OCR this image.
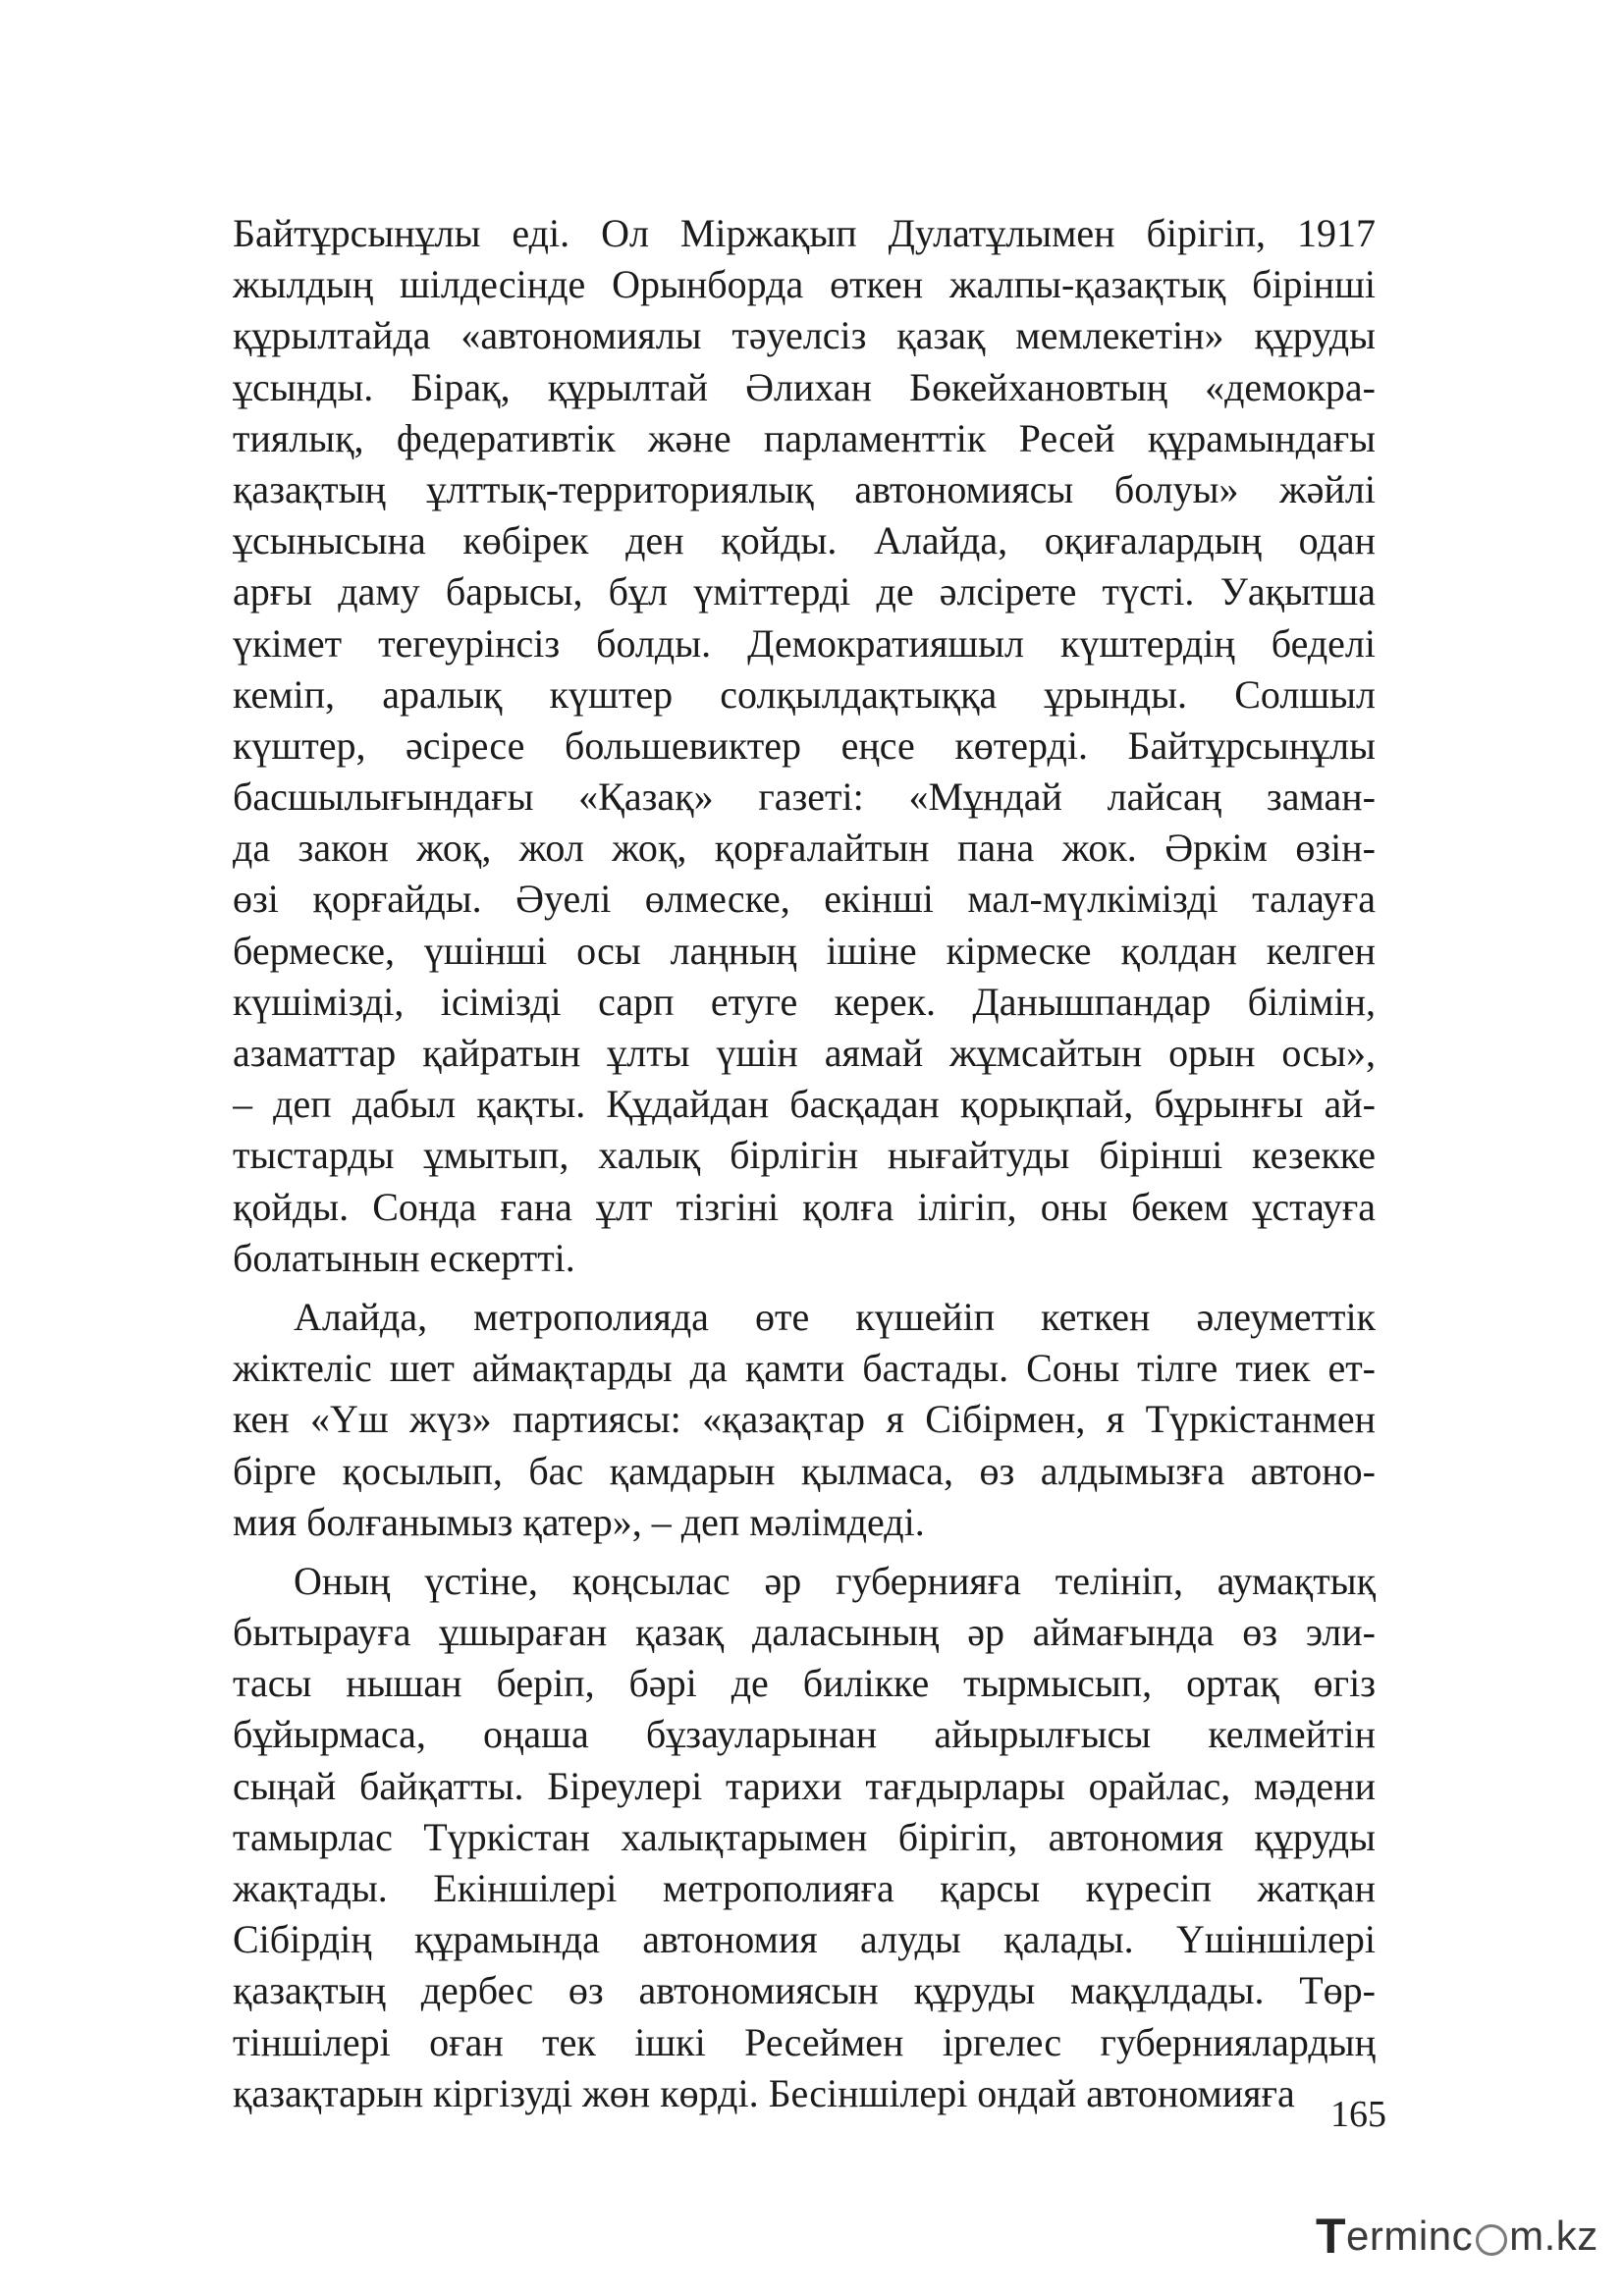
Байтұрсынұлы еді. Ол Міржақып Дулатұлымен бірігіп, 1917
жылдың шілдесінде Орынборда өткен жалпы-қазақтық бірінші
құрылтайда «автономиялы тәуелсіз қазақ мемлекетін» құруды
ұсынды. Бірақ, құрылтай Әлихан Бөкейхановтың «демокра-
тиялық, федеративтік және парламенттік Ресей құрамындағы
қазақтың ұлттық-территориялық автономиясы болуы» жәйлі
ұсынысына көбірек ден қойды. Алайда, оқиғалардың одан
арғы даму барысы, бұл үміттерді де әлсірете түсті. Уақытша
үкімет тегеурінсіз болды. Демократияшыл күштердің беделі
кеміп, аралық күштер солқылдақтыққа ұрынды. Солшыл
күштер, әсіресе большевиктер еңсе көтерді. Байтұрсынұлы
басшылығындағы «Қазақ» газеті: «Мұндай лайсаң заман-
да закон жоқ, жол жоқ, қорғалайтын пана жок. Әркім өзін-
өзі қорғайды. Әуелі өлмеске, екінші мал-мүлкімізді талауға
бермеске, үшінші осы лаңның ішіне кірмеске қолдан келген
күшімізді, ісімізді сарп етуге керек. Данышпандар білімін,
азаматтар қайратын ұлты үшін аямай жұмсайтын орын осы»,
– деп дабыл қақты. Құдайдан басқадан қорықпай, бұрынғы ай-
тыстарды ұмытып, халық бірлігін нығайтуды бірінші кезекке
қойды. Сонда ғана ұлт тізгіні қолға ілігіп, оны бекем ұстауға
болатынын ескертті.
Алайда, метрополияда өте күшейіп кеткен әлеуметтік
жіктеліс шет аймақтарды да қамти бастады. Соны тілге тиек ет-
кен «Үш жүз» партиясы: «қазақтар я Сібірмен, я Түркістанмен
бірге қосылып, бас қамдарын қылмаса, өз алдымызға автоно-
мия болғанымыз қатер», – деп мәлімдеді.
Оның үстіне, қоңсылас әр губернияға телініп, аумақтық
бытырауға ұшыраған қазақ даласының әр аймағында өз эли-
тасы нышан беріп, бәрі де билікке тырмысып, ортақ өгіз
бұйырмаса, оңаша бұзауларынан айырылғысы келмейтін
сыңай байқатты. Біреулері тарихи тағдырлары орайлас, мәдени
тамырлас Түркістан халықтарымен бірігіп, автономия құруды
жақтады. Екіншілері метрополияға қарсы күресіп жатқан
Сібірдің құрамында автономия алуды қалады. Үшіншілері
қазақтың дербес өз автономиясын құруды мақұлдады. Төр-
тіншілері оған тек ішкі Ресеймен іргелес губерниялардың
қазақтарын кіргізуді жөн көрді. Бесіншілері ондай автономияға 165
T erminc m.kz
